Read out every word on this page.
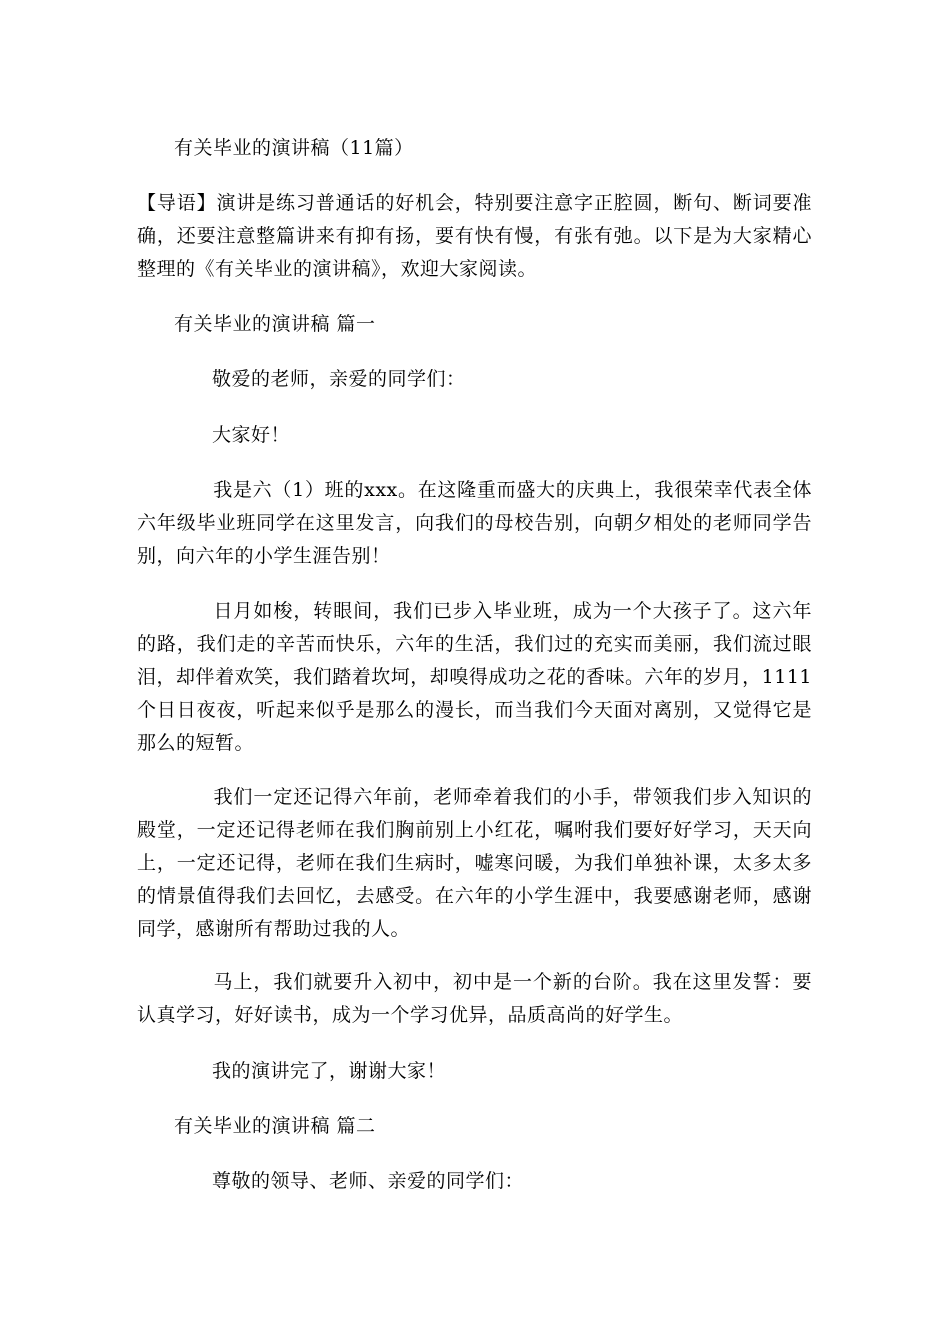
有关毕业的演讲稿（11篇）
【导语】演讲是练习普通话的好机会，特别要注意字正腔圆，断句、断词要准确，还要注意整篇讲来有抑有扬，要有快有慢，有张有弛。以下是为大家精心整理的《有关毕业的演讲稿》，欢迎大家阅读。
有关毕业的演讲稿 篇一
敬爱的老师，亲爱的同学们：
大家好！
我是六（1）班的xxx。在这隆重而盛大的庆典上，我很荣幸代表全体六年级毕业班同学在这里发言，向我们的母校告别，向朝夕相处的老师同学告别，向六年的小学生涯告别！
日月如梭，转眼间，我们已步入毕业班，成为一个大孩子了。这六年的路，我们走的辛苦而快乐，六年的生活，我们过的充实而美丽，我们流过眼泪，却伴着欢笑，我们踏着坎坷，却嗅得成功之花的香味。六年的岁月，1111个日日夜夜，听起来似乎是那么的漫长，而当我们今天面对离别，又觉得它是那么的短暂。
我们一定还记得六年前，老师牵着我们的小手，带领我们步入知识的殿堂，一定还记得老师在我们胸前别上小红花，嘱咐我们要好好学习，天天向上，一定还记得，老师在我们生病时，嘘寒问暖，为我们单独补课，太多太多的情景值得我们去回忆，去感受。在六年的小学生涯中，我要感谢老师，感谢同学，感谢所有帮助过我的人。
马上，我们就要升入初中，初中是一个新的台阶。我在这里发誓：要认真学习，好好读书，成为一个学习优异，品质高尚的好学生。
我的演讲完了，谢谢大家！
有关毕业的演讲稿 篇二
尊敬的领导、老师、亲爱的同学们：
